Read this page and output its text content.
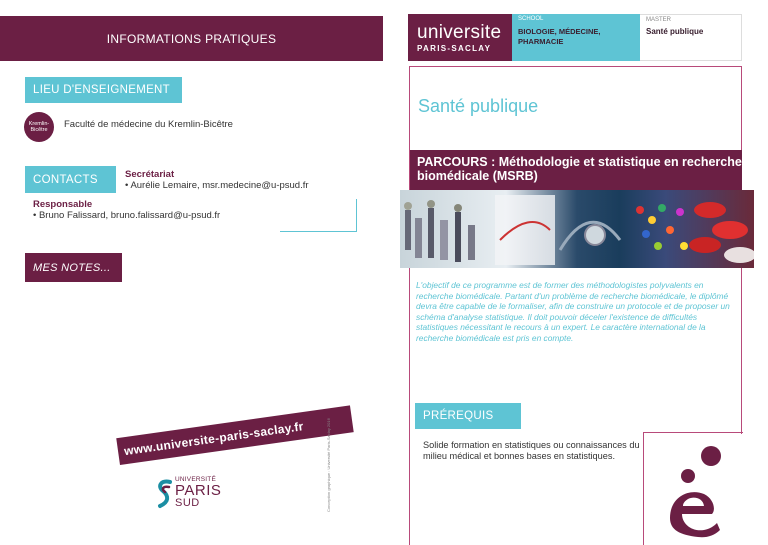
INFORMATIONS PRATIQUES
LIEU D'ENSEIGNEMENT
Kremlin-
Bicêtre	Faculté de médecine du Kremlin-Bicêtre
CONTACTS	Secrétariat
• Aurélie Lemaire, msr.medecine@u-psud.fr
Responsable
• Bruno Falissard, bruno.falissard@u-psud.fr
MES NOTES...
www.universite-paris-saclay.fr	Conception graphique : Université Paris-Saclay 2016
UNIVERSITÉ
PARIS
SUD
universite
PARIS-SACLAY
SCHOOL
BIOLOGIE, MÉDECINE, PHARMACIE
MASTER
Santé publique
Santé publique
PARCOURS : Méthodologie et statistique en recherche biomédicale (MSRB)
L'objectif de ce programme est de former des méthodologistes polyvalents en recherche biomédicale. Partant d'un problème de recherche biomédicale, le diplômé devra être capable de le formaliser, afin de construire un protocole et de proposer un schéma d'analyse statistique. Il doit pouvoir déceler l'existence de difficultés statistiques nécessitant le recours à un expert. Le caractère international de la recherche biomédicale est pris en compte.
PRÉREQUIS
Solide formation en statistiques ou connaissances du milieu médical et bonnes bases en statistiques.
